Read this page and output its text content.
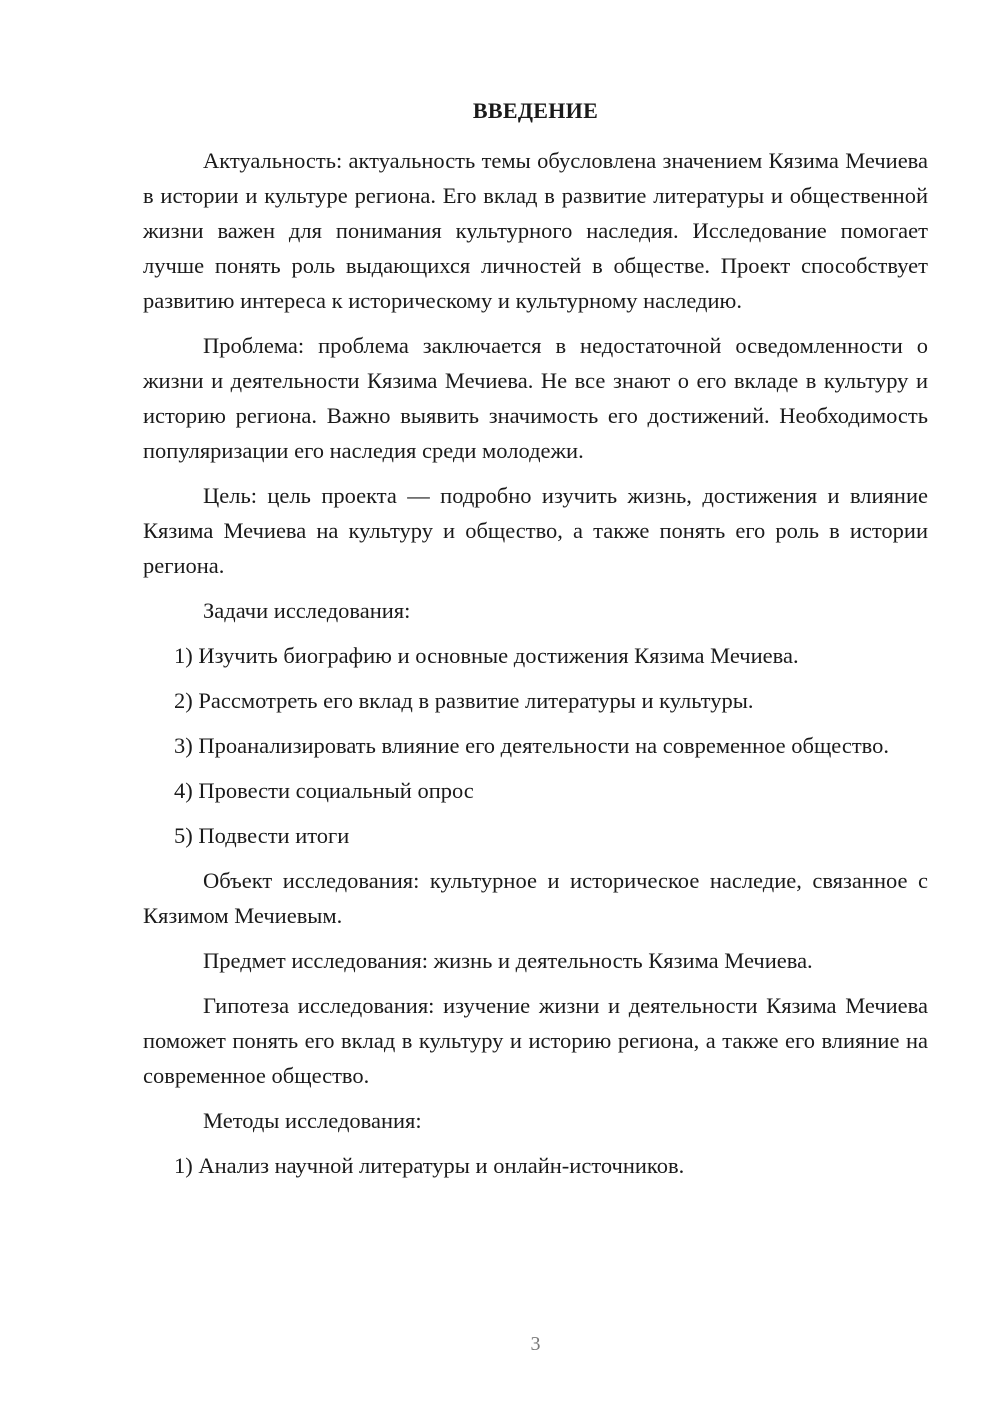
ВВЕДЕНИЕ

Актуальность: актуальность темы обусловлена значением Кязима Мечиева в истории и культуре региона. Его вклад в развитие литературы и общественной жизни важен для понимания культурного наследия. Исследование помогает лучше понять роль выдающихся личностей в обществе. Проект способствует развитию интереса к историческому и культурному наследию.

Проблема: проблема заключается в недостаточной осведомленности о жизни и деятельности Кязима Мечиева. Не все знают о его вкладе в культуру и историю региона. Важно выявить значимость его достижений. Необходимость популяризации его наследия среди молодежи.

Цель: цель проекта — подробно изучить жизнь, достижения и влияние Кязима Мечиева на культуру и общество, а также понять его роль в истории региона.

Задачи исследования:

1) Изучить биографию и основные достижения Кязима Мечиева.

2) Рассмотреть его вклад в развитие литературы и культуры.

3) Проанализировать влияние его деятельности на современное общество.

4) Провести социальный опрос

5) Подвести итоги

Объект исследования: культурное и историческое наследие, связанное с Кязимом Мечиевым.

Предмет исследования: жизнь и деятельность Кязима Мечиева.

Гипотеза исследования: изучение жизни и деятельности Кязима Мечиева поможет понять его вклад в культуру и историю региона, а также его влияние на современное общество.

Методы исследования:

1) Анализ научной литературы и онлайн-источников.

3
